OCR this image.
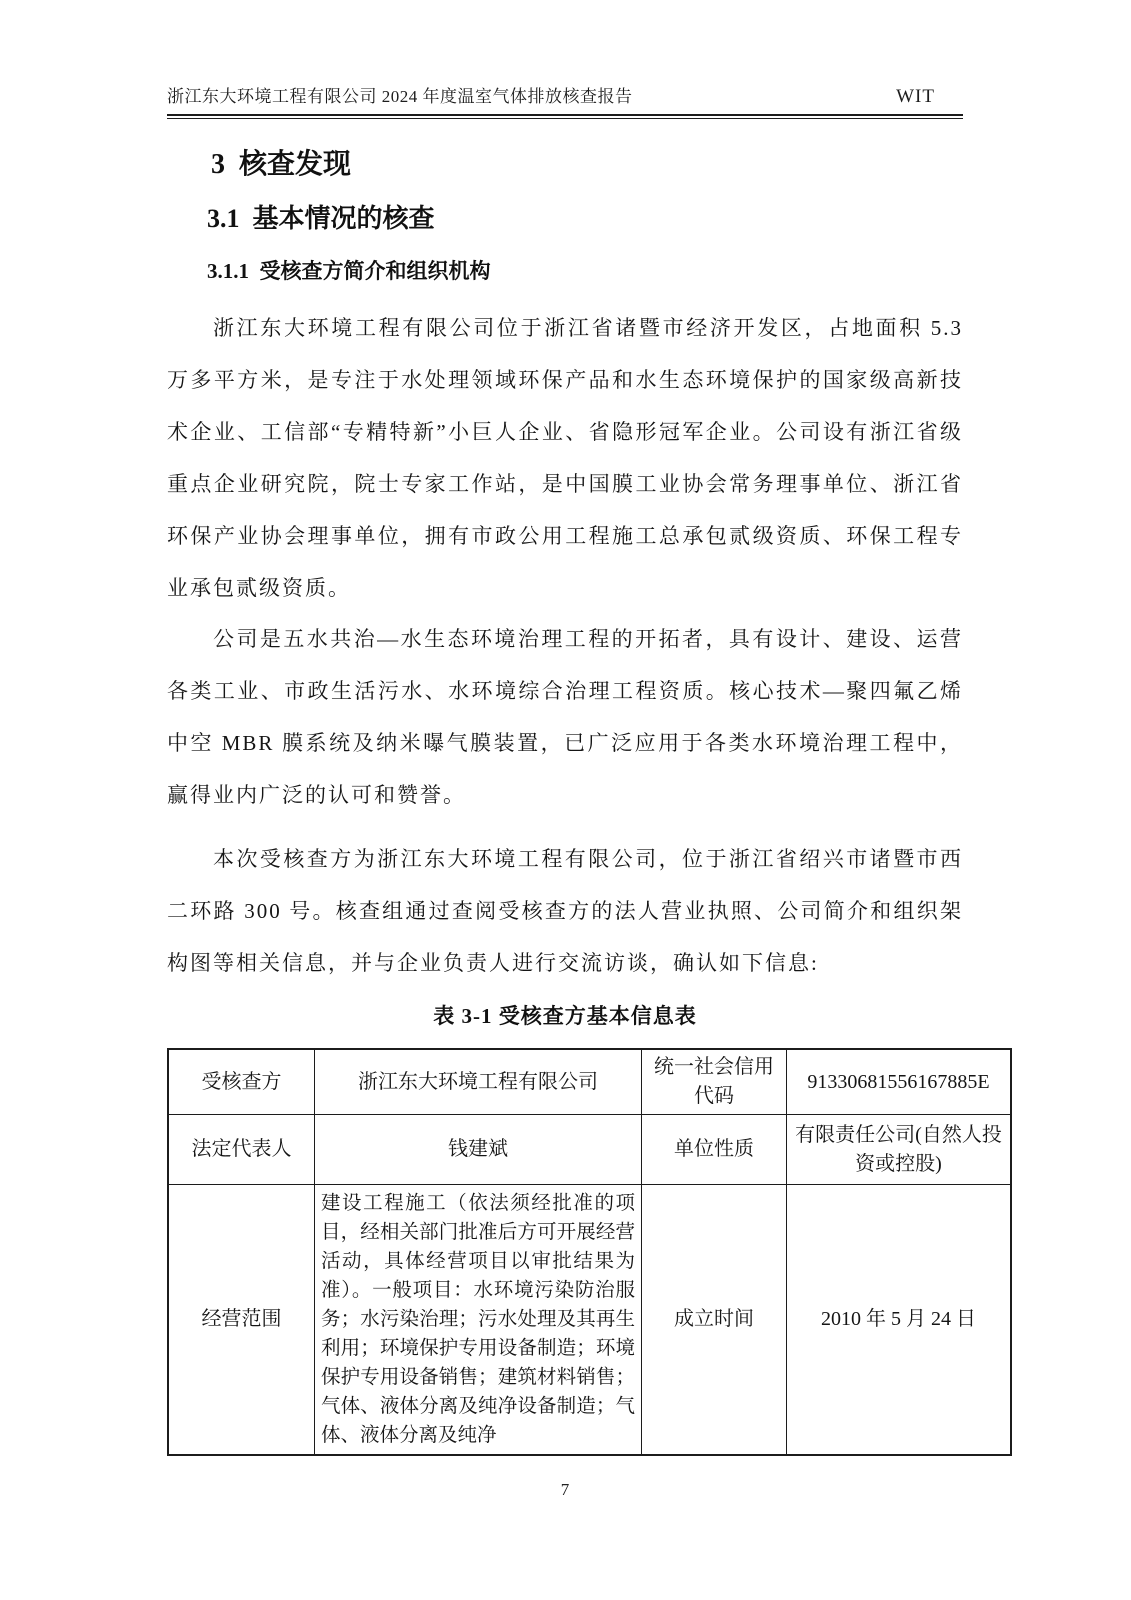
浙江东大环境工程有限公司 2024 年度温室气体排放核查报告	WIT
3  核查发现
3.1  基本情况的核查
3.1.1  受核查方简介和组织机构

浙江东大环境工程有限公司位于浙江省诸暨市经济开发区，占地面积 5.3 万多平方米，是专注于水处理领域环保产品和水生态环境保护的国家级高新技术企业、工信部“专精特新”小巨人企业、省隐形冠军企业。公司设有浙江省级重点企业研究院，院士专家工作站，是中国膜工业协会常务理事单位、浙江省环保产业协会理事单位，拥有市政公用工程施工总承包贰级资质、环保工程专业承包贰级资质。

公司是五水共治—水生态环境治理工程的开拓者，具有设计、建设、运营各类工业、市政生活污水、水环境综合治理工程资质。核心技术—聚四氟乙烯中空 MBR 膜系统及纳米曝气膜装置，已广泛应用于各类水环境治理工程中，赢得业内广泛的认可和赞誉。

本次受核查方为浙江东大环境工程有限公司，位于浙江省绍兴市诸暨市西二环路 300 号。核查组通过查阅受核查方的法人营业执照、公司简介和组织架构图等相关信息，并与企业负责人进行交流访谈，确认如下信息:

表 3-1 受核查方基本信息表
受核查方	浙江东大环境工程有限公司	统一社会信用代码	91330681556167885E
法定代表人	钱建斌	单位性质	有限责任公司(自然人投资或控股)
经营范围	建设工程施工（依法须经批准的项目，经相关部门批准后方可开展经营活动，具体经营项目以审批结果为准）。一般项目：水环境污染防治服务；水污染治理；污水处理及其再生利用；环境保护专用设备制造；环境保护专用设备销售；建筑材料销售；气体、液体分离及纯净设备制造；气体、液体分离及纯净	成立时间	2010 年 5 月 24 日
7
